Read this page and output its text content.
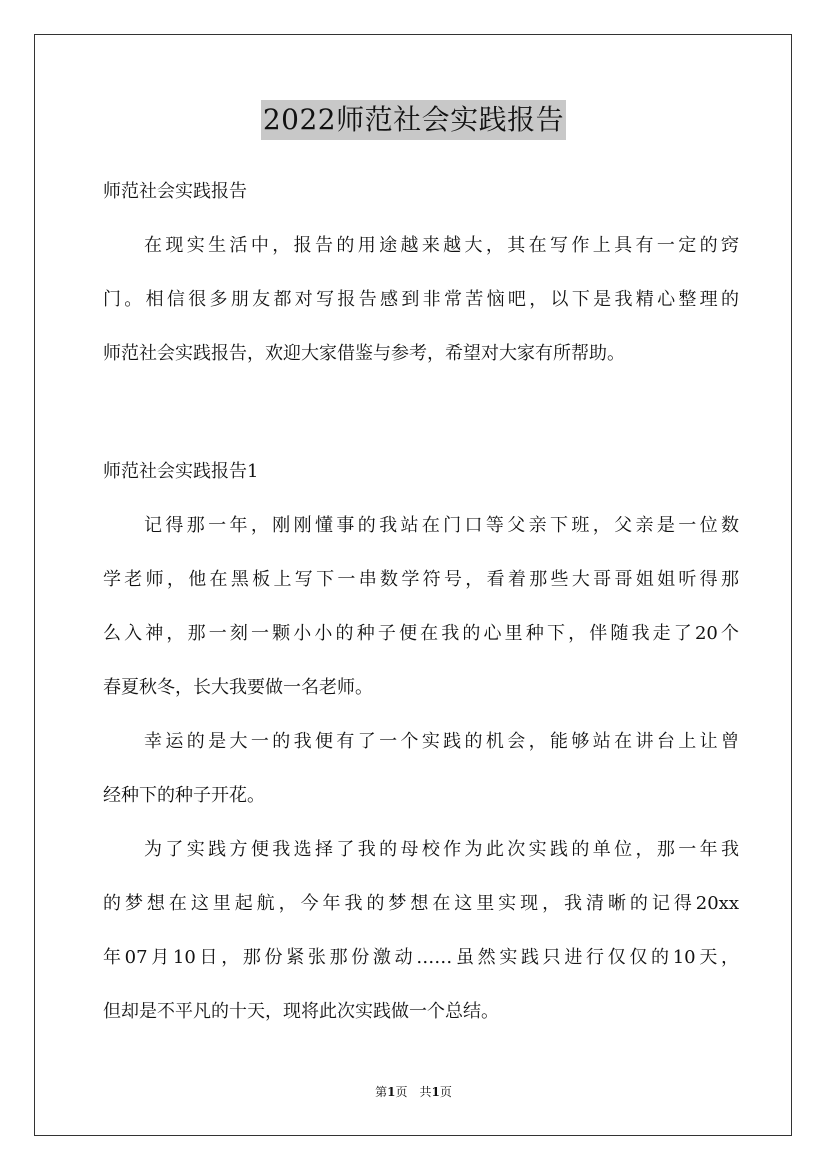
2022师范社会实践报告
师范社会实践报告
在现实生活中，报告的用途越来越大，其在写作上具有一定的窍
门。相信很多朋友都对写报告感到非常苦恼吧，以下是我精心整理的
师范社会实践报告，欢迎大家借鉴与参考，希望对大家有所帮助。
师范社会实践报告1
记得那一年，刚刚懂事的我站在门口等父亲下班，父亲是一位数
学老师，他在黑板上写下一串数学符号，看着那些大哥哥姐姐听得那
么入神，那一刻一颗小小的种子便在我的心里种下，伴随我走了20个
春夏秋冬，长大我要做一名老师。
幸运的是大一的我便有了一个实践的机会，能够站在讲台上让曾
经种下的种子开花。
为了实践方便我选择了我的母校作为此次实践的单位，那一年我
的梦想在这里起航，今年我的梦想在这里实现，我清晰的记得20xx
年07月10日，那份紧张那份激动……虽然实践只进行仅仅的10天，
但却是不平凡的十天，现将此次实践做一个总结。
第1页　共1页
